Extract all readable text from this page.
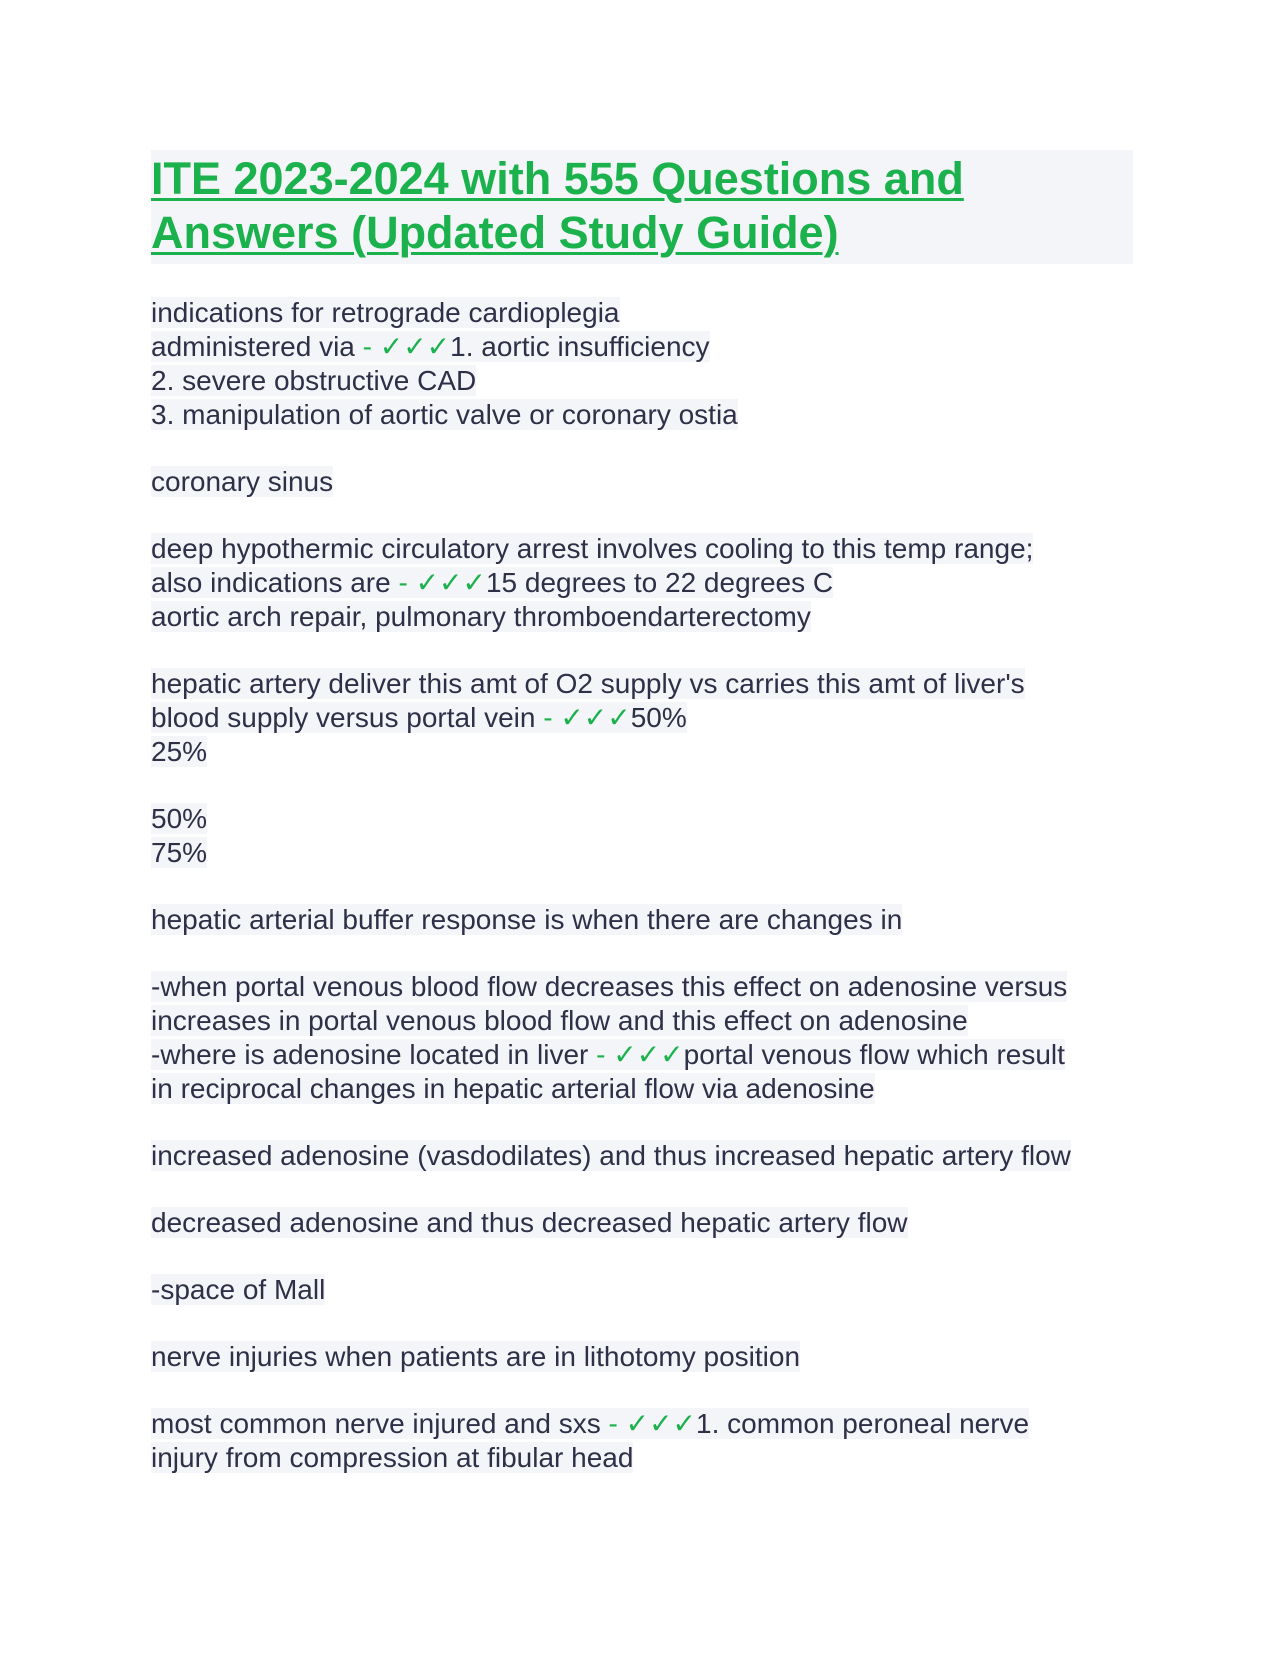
ITE 2023-2024 with 555 Questions and
Answers (Updated Study Guide)
indications for retrograde cardioplegia
administered via - ✓✓✓1. aortic insufficiency
2. severe obstructive CAD
3. manipulation of aortic valve or coronary ostia
coronary sinus
deep hypothermic circulatory arrest involves cooling to this temp range;
also indications are - ✓✓✓15 degrees to 22 degrees C
aortic arch repair, pulmonary thromboendarterectomy
hepatic artery deliver this amt of O2 supply vs carries this amt of liver's
blood supply versus portal vein - ✓✓✓50%
25%
50%
75%
hepatic arterial buffer response is when there are changes in
-when portal venous blood flow decreases this effect on adenosine versus
increases in portal venous blood flow and this effect on adenosine
-where is adenosine located in liver - ✓✓✓portal venous flow which result
in reciprocal changes in hepatic arterial flow via adenosine
increased adenosine (vasdodilates) and thus increased hepatic artery flow
decreased adenosine and thus decreased hepatic artery flow
-space of Mall
nerve injuries when patients are in lithotomy position
most common nerve injured and sxs - ✓✓✓1. common peroneal nerve
injury from compression at fibular head
